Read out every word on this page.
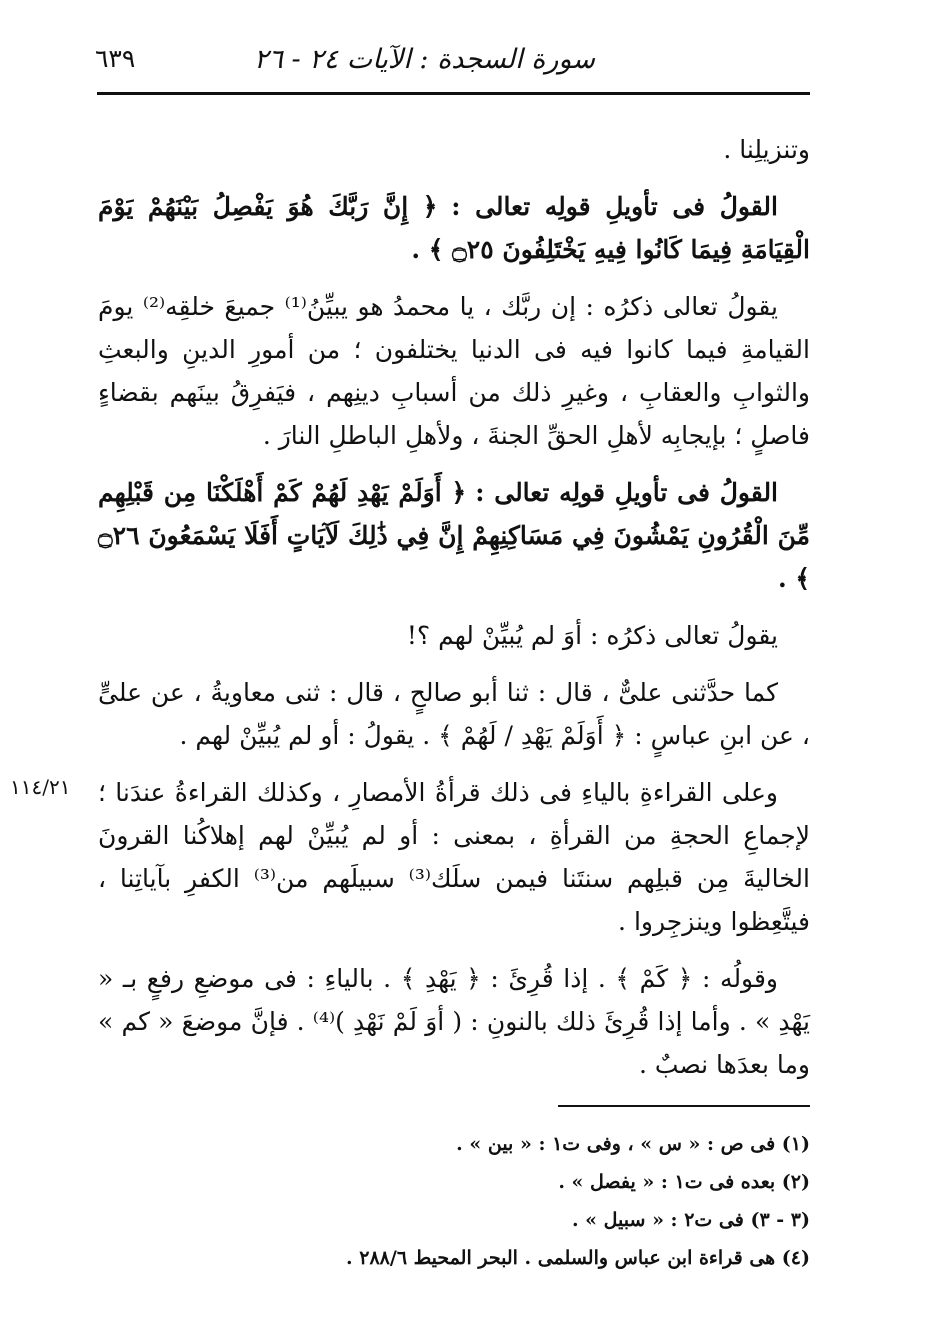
سورة السجدة : الآيات ٢٤ - ٢٦
٦٣٩

وتنزيلِنا .

القولُ فى تأويلِ قولِه تعالى : ﴿ إِنَّ رَبَّكَ هُوَ يَفْصِلُ بَيْنَهُمْ يَوْمَ الْقِيَامَةِ فِيمَا كَانُوا فِيهِ يَخْتَلِفُونَ ۝٢٥ ﴾ .

يقولُ تعالى ذكرُه : إن ربَّك ، يا محمدُ هو يبيِّنُ⁽¹⁾ جميعَ خلقِه⁽²⁾ يومَ القيامةِ فيما كانوا فيه فى الدنيا يختلفون ؛ من أمورِ الدينِ والبعثِ والثوابِ والعقابِ ، وغيرِ ذلك من أسبابِ دينِهم ، فيَفرِقُ بينَهم بقضاءٍ فاصلٍ ؛ بإيجابِه لأهلِ الحقِّ الجنةَ ، ولأهلِ الباطلِ النارَ .

القولُ فى تأويلِ قولِه تعالى : ﴿ أَوَلَمْ يَهْدِ لَهُمْ كَمْ أَهْلَكْنَا مِن قَبْلِهِم مِّنَ الْقُرُونِ يَمْشُونَ فِي مَسَاكِنِهِمْ إِنَّ فِي ذَٰلِكَ لَآيَاتٍ أَفَلَا يَسْمَعُونَ ۝٢٦ ﴾ .

يقولُ تعالى ذكرُه : أوَ لم يُبيِّنْ لهم ؟!

كما حدَّثنى علىٌّ ، قال : ثنا أبو صالحٍ ، قال : ثنى معاويةُ ، عن علىٍّ ، عن ابنِ عباسٍ : ﴿ أَوَلَمْ يَهْدِ / لَهُمْ ﴾ . يقولُ : أو لم يُبيِّنْ لهم .

وعلى القراءةِ بالياءِ فى ذلك قرأةُ الأمصارِ ، وكذلك القراءةُ عندَنا ؛ لإجماعِ الحجةِ من القرأةِ ، بمعنى : أو لم يُبيِّنْ لهم إهلاكُنا القرونَ الخاليةَ مِن قبلِهم سنتَنا فيمن سلَك⁽³⁾ سبيلَهم من⁽³⁾ الكفرِ بآياتِنا ، فيتَّعِظوا وينزجِروا .

وقولُه : ﴿ كَمْ ﴾ . إذا قُرِئَ : ﴿ يَهْدِ ﴾ . بالياءِ : فى موضعِ رفعٍ بـ « يَهْدِ » . وأما إذا قُرِئَ ذلك بالنونِ : ( أوَ لَمْ نَهْدِ )⁽⁴⁾ . فإنَّ موضعَ « كم » وما بعدَها نصبٌ .

١١٤/٢١

(١) فى ص : « س » ، وفى ت١ : « بين » .

(٢) بعده فى ت١ : « يفصل » .

(٣ - ٣) فى ت٢ : « سبيل » .

(٤) هى قراءة ابن عباس والسلمى . البحر المحيط ٢٨٨/٦ .
